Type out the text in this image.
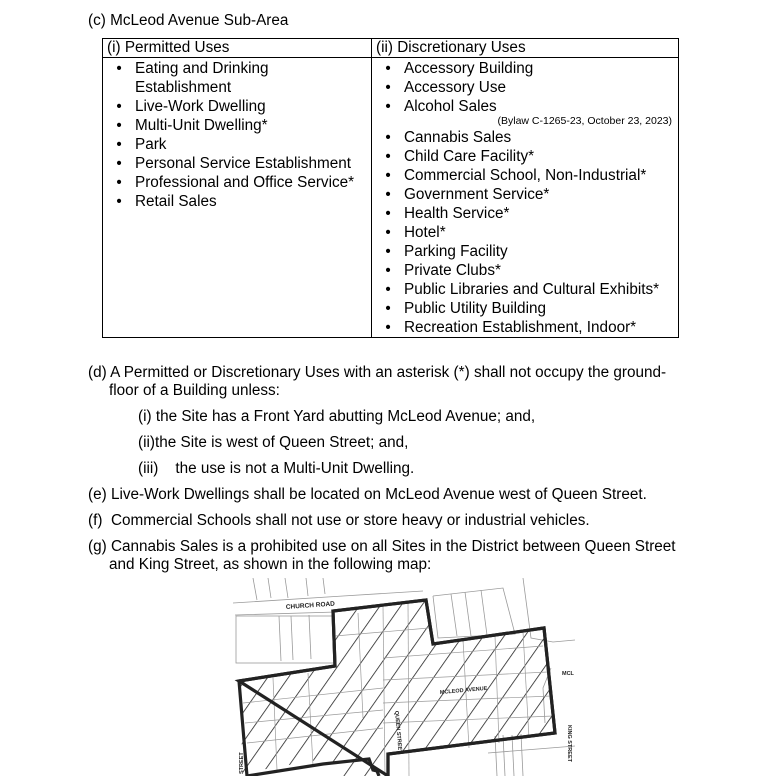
(c) McLeod Avenue Sub-Area
(i) Permitted Uses	(ii) Discretionary Uses

• Eating and Drinking Establishment
• Live-Work Dwelling
• Multi-Unit Dwelling*
• Park
• Personal Service Establishment
• Professional and Office Service*
• Retail Sales

• Accessory Building
• Accessory Use
• Alcohol Sales
(Bylaw C-1265-23, October 23, 2023)
• Cannabis Sales
• Child Care Facility*
• Commercial School, Non-Industrial*
• Government Service*
• Health Service*
• Hotel*
• Parking Facility
• Private Clubs*
• Public Libraries and Cultural Exhibits*
• Public Utility Building
• Recreation Establishment, Indoor*
(d) A Permitted or Discretionary Uses with an asterisk (*) shall not occupy the ground-
floor of a Building unless:
(i) the Site has a Front Yard abutting McLeod Avenue; and,
(ii)the Site is west of Queen Street; and,
(iii)    the use is not a Multi-Unit Dwelling.
(e) Live-Work Dwellings shall be located on McLeod Avenue west of Queen Street.
(f)  Commercial Schools shall not use or store heavy or industrial vehicles.
(g) Cannabis Sales is a prohibited use on all Sites in the District between Queen Street
and King Street, as shown in the following map:
CHURCH ROAD
MCLEOD AVENUE
QUEEN STREET	KING STREET
MCL
STREET
